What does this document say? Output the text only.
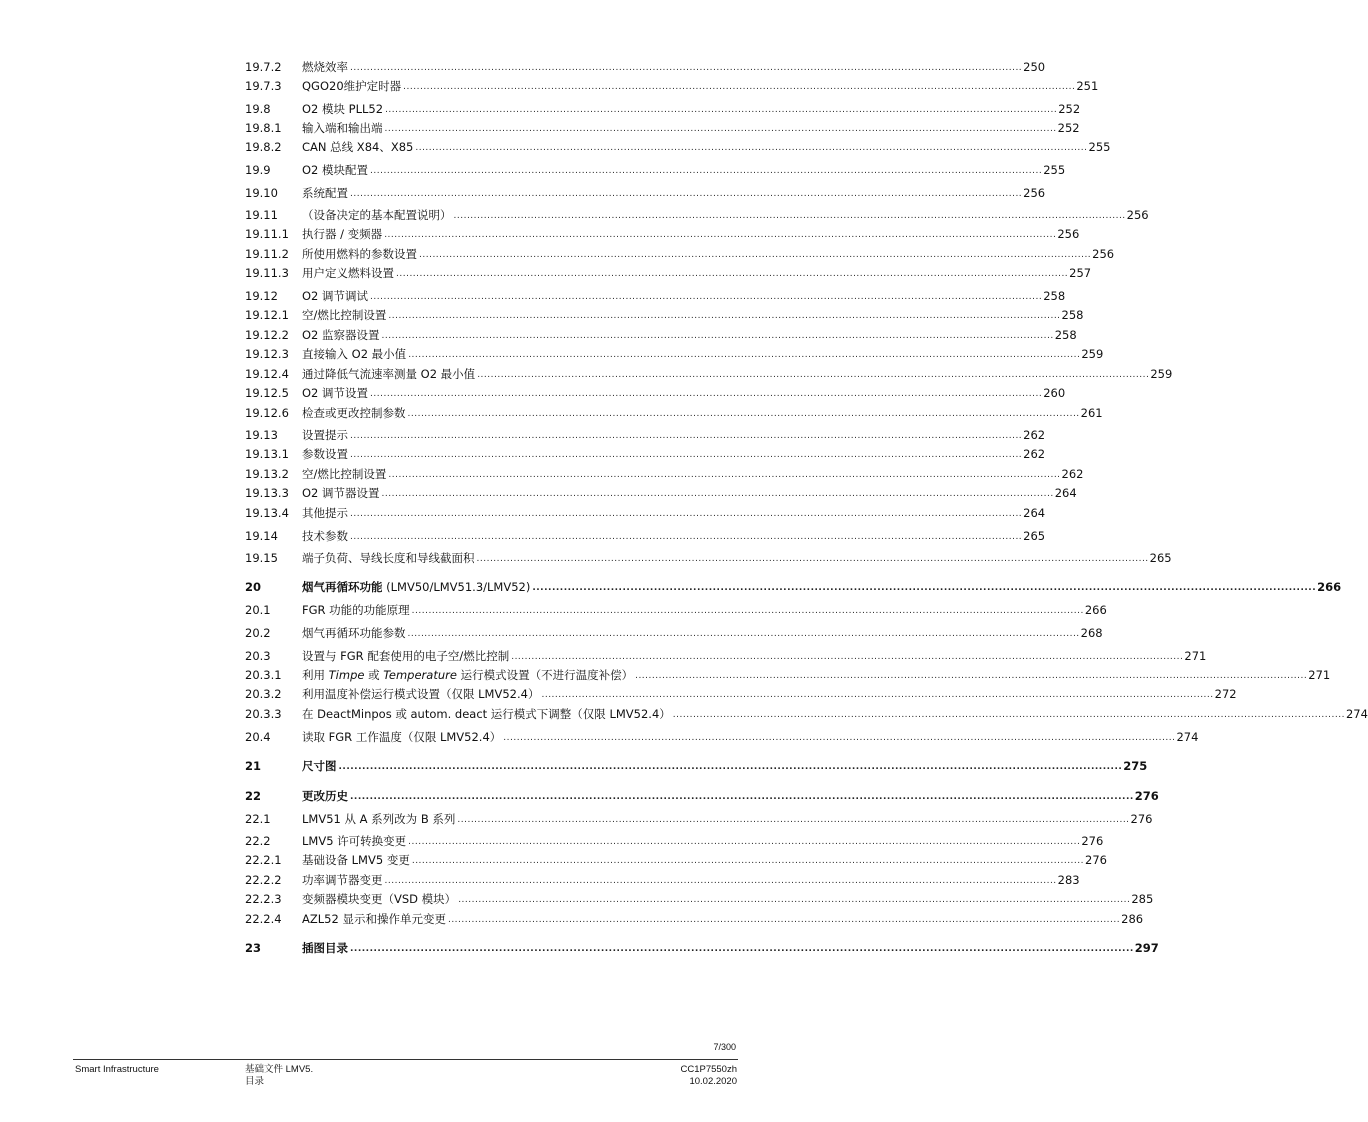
19.7.2	燃烧效率 ........................................................................................................................................................................................................ 250
19.7.3	QGO20维护定时器 ........................................................................................................................................................................................................ 251
19.8	O2 模块 PLL52 ........................................................................................................................................................................................................ 252
19.8.1	输入端和输出端 ........................................................................................................................................................................................................ 252
19.8.2	CAN 总线 X84、X85 ........................................................................................................................................................................................................ 255
19.9	O2 模块配置 ........................................................................................................................................................................................................ 255
19.10	系统配置 ........................................................................................................................................................................................................ 256
19.11	（设备决定的基本配置说明） ........................................................................................................................................................................................................ 256
19.11.1	执行器 / 变频器 ........................................................................................................................................................................................................ 256
19.11.2	所使用燃料的参数设置 ........................................................................................................................................................................................................ 256
19.11.3	用户定义燃料设置 ........................................................................................................................................................................................................ 257
19.12	O2 调节调试 ........................................................................................................................................................................................................ 258
19.12.1	空/燃比控制设置 ........................................................................................................................................................................................................ 258
19.12.2	O2 监察器设置 ........................................................................................................................................................................................................ 258
19.12.3	直接输入 O2 最小值 ........................................................................................................................................................................................................ 259
19.12.4	通过降低气流速率测量 O2 最小值 ........................................................................................................................................................................................................ 259
19.12.5	O2 调节设置 ........................................................................................................................................................................................................ 260
19.12.6	检查或更改控制参数 ........................................................................................................................................................................................................ 261
19.13	设置提示 ........................................................................................................................................................................................................ 262
19.13.1	参数设置 ........................................................................................................................................................................................................ 262
19.13.2	空/燃比控制设置 ........................................................................................................................................................................................................ 262
19.13.3	O2 调节器设置 ........................................................................................................................................................................................................ 264
19.13.4	其他提示 ........................................................................................................................................................................................................ 264
19.14	技术参数 ........................................................................................................................................................................................................ 265
19.15	端子负荷、导线长度和导线截面积 ........................................................................................................................................................................................................ 265
20	烟气再循环功能 (LMV50/LMV51.3/LMV52) ........................................................................................................................................................................................................ 266
20.1	FGR 功能的功能原理 ........................................................................................................................................................................................................ 266
20.2	烟气再循环功能参数 ........................................................................................................................................................................................................ 268
20.3	设置与 FGR 配套使用的电子空/燃比控制 ........................................................................................................................................................................................................ 271
20.3.1	利用 Timpe 或 Temperature 运行模式设置（不进行温度补偿） ........................................................................................................................................................................................................ 271
20.3.2	利用温度补偿运行模式设置（仅限 LMV52.4） ........................................................................................................................................................................................................ 272
20.3.3	在 DeactMinpos 或 autom. deact 运行模式下调整（仅限 LMV52.4） ........................................................................................................................................................................................................ 274
20.4	读取 FGR 工作温度（仅限 LMV52.4） ........................................................................................................................................................................................................ 274
21	尺寸图 ........................................................................................................................................................................................................ 275
22	更改历史 ........................................................................................................................................................................................................ 276
22.1	LMV51 从 A 系列改为 B 系列 ........................................................................................................................................................................................................ 276
22.2	LMV5 许可转换变更 ........................................................................................................................................................................................................ 276
22.2.1	基础设备 LMV5 变更 ........................................................................................................................................................................................................ 276
22.2.2	功率调节器变更 ........................................................................................................................................................................................................ 283
22.2.3	变频器模块变更（VSD 模块） ........................................................................................................................................................................................................ 285
22.2.4	AZL52 显示和操作单元变更 ........................................................................................................................................................................................................ 286
23	插图目录 ........................................................................................................................................................................................................ 297
7/300
Smart Infrastructure	基础文件 LMV5.
目录
CC1P7550zh
10.02.2020
